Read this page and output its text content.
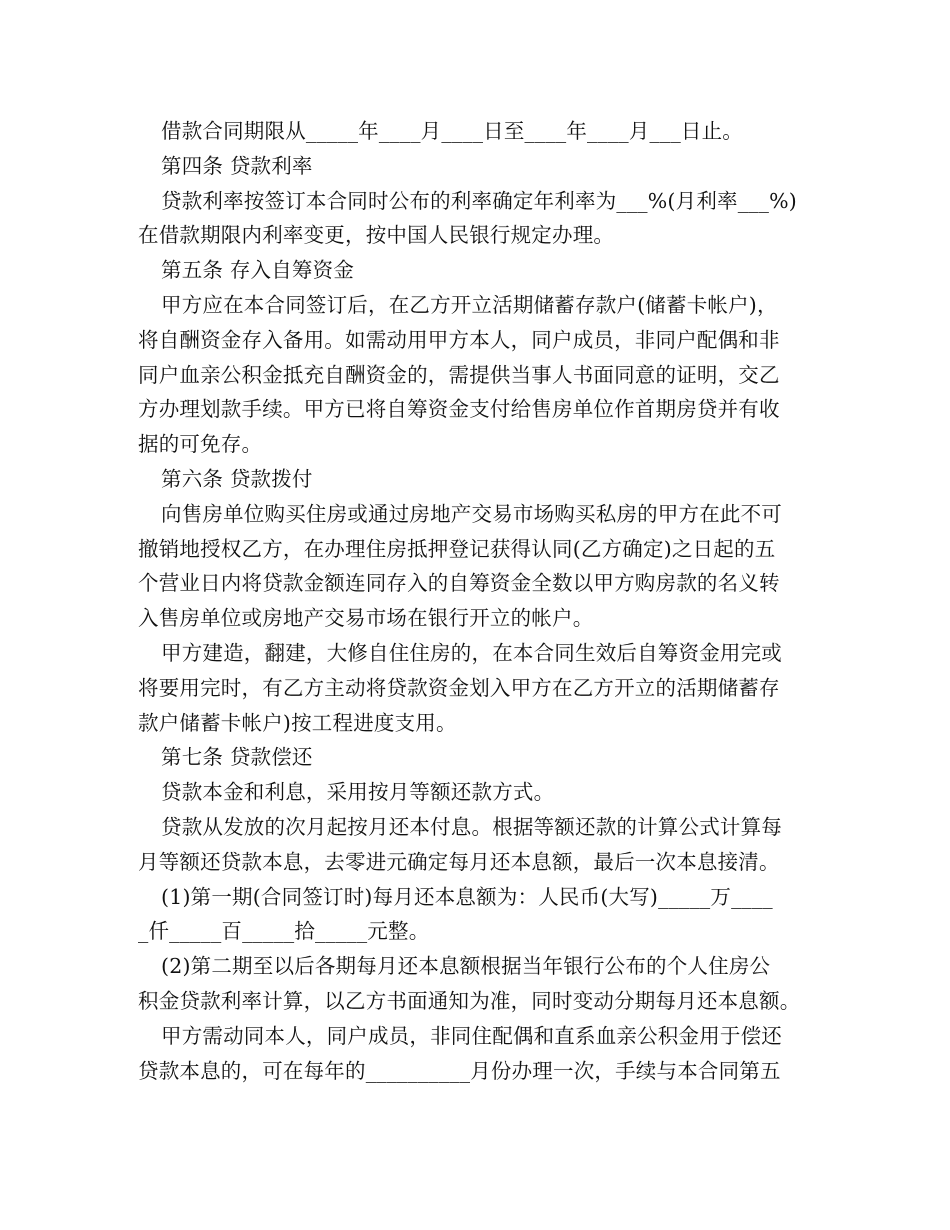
借款合同期限从_____年____月____日至____年____月___日止。
第四条 贷款利率
贷款利率按签订本合同时公布的利率确定年利率为___%(月利率___%)
在借款期限内利率变更，按中国人民银行规定办理。
第五条 存入自筹资金
甲方应在本合同签订后，在乙方开立活期储蓄存款户(储蓄卡帐户)，
将自酬资金存入备用。如需动用甲方本人，同户成员，非同户配偶和非
同户血亲公积金抵充自酬资金的，需提供当事人书面同意的证明，交乙
方办理划款手续。甲方已将自筹资金支付给售房单位作首期房贷并有收
据的可免存。
第六条 贷款拨付
向售房单位购买住房或通过房地产交易市场购买私房的甲方在此不可
撤销地授权乙方，在办理住房抵押登记获得认同(乙方确定)之日起的五
个营业日内将贷款金额连同存入的自筹资金全数以甲方购房款的名义转
入售房单位或房地产交易市场在银行开立的帐户。
甲方建造，翻建，大修自住住房的，在本合同生效后自筹资金用完或
将要用完时，有乙方主动将贷款资金划入甲方在乙方开立的活期储蓄存
款户储蓄卡帐户)按工程进度支用。
第七条 贷款偿还
贷款本金和利息，采用按月等额还款方式。
贷款从发放的次月起按月还本付息。根据等额还款的计算公式计算每
月等额还贷款本息，去零进元确定每月还本息额，最后一次本息接清。
(1)第一期(合同签订时)每月还本息额为：人民币(大写)_____万____
_仟_____百_____拾_____元整。
(2)第二期至以后各期每月还本息额根据当年银行公布的个人住房公
积金贷款利率计算，以乙方书面通知为准，同时变动分期每月还本息额。
甲方需动同本人，同户成员，非同住配偶和直系血亲公积金用于偿还
贷款本息的，可在每年的__________月份办理一次，手续与本合同第五
